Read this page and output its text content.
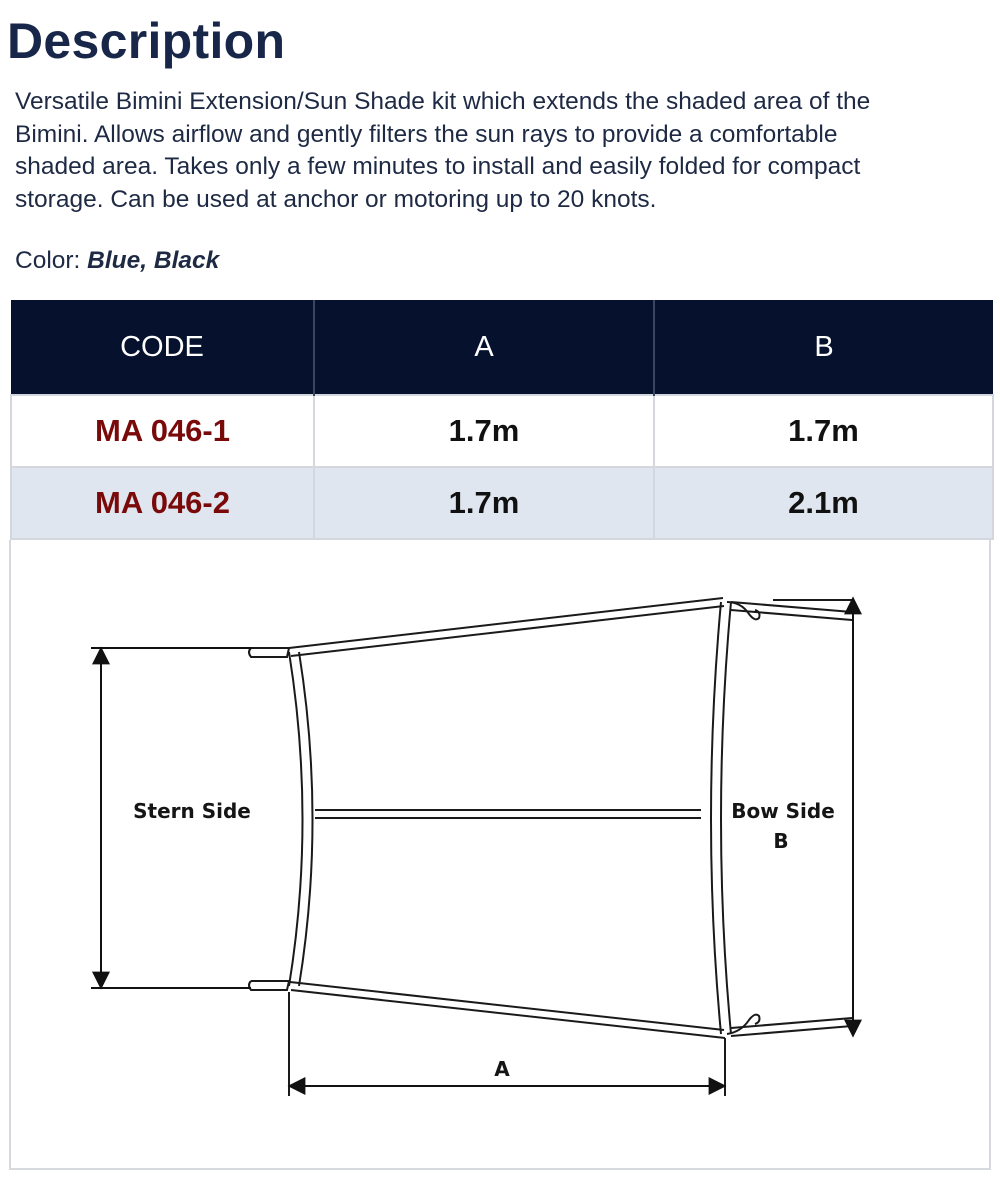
Description

Versatile Bimini Extension/Sun Shade kit which extends the shaded area of the
Bimini. Allows airflow and gently filters the sun rays to provide a comfortable
shaded area. Takes only a few minutes to install and easily folded for compact
storage. Can be used at anchor or motoring up to 20 knots.

Color: Blue, Black

CODE	A	B
MA 046-1	1.7m	1.7m
MA 046-2	1.7m	2.1m
Stern Side	Bow Side
B
A
